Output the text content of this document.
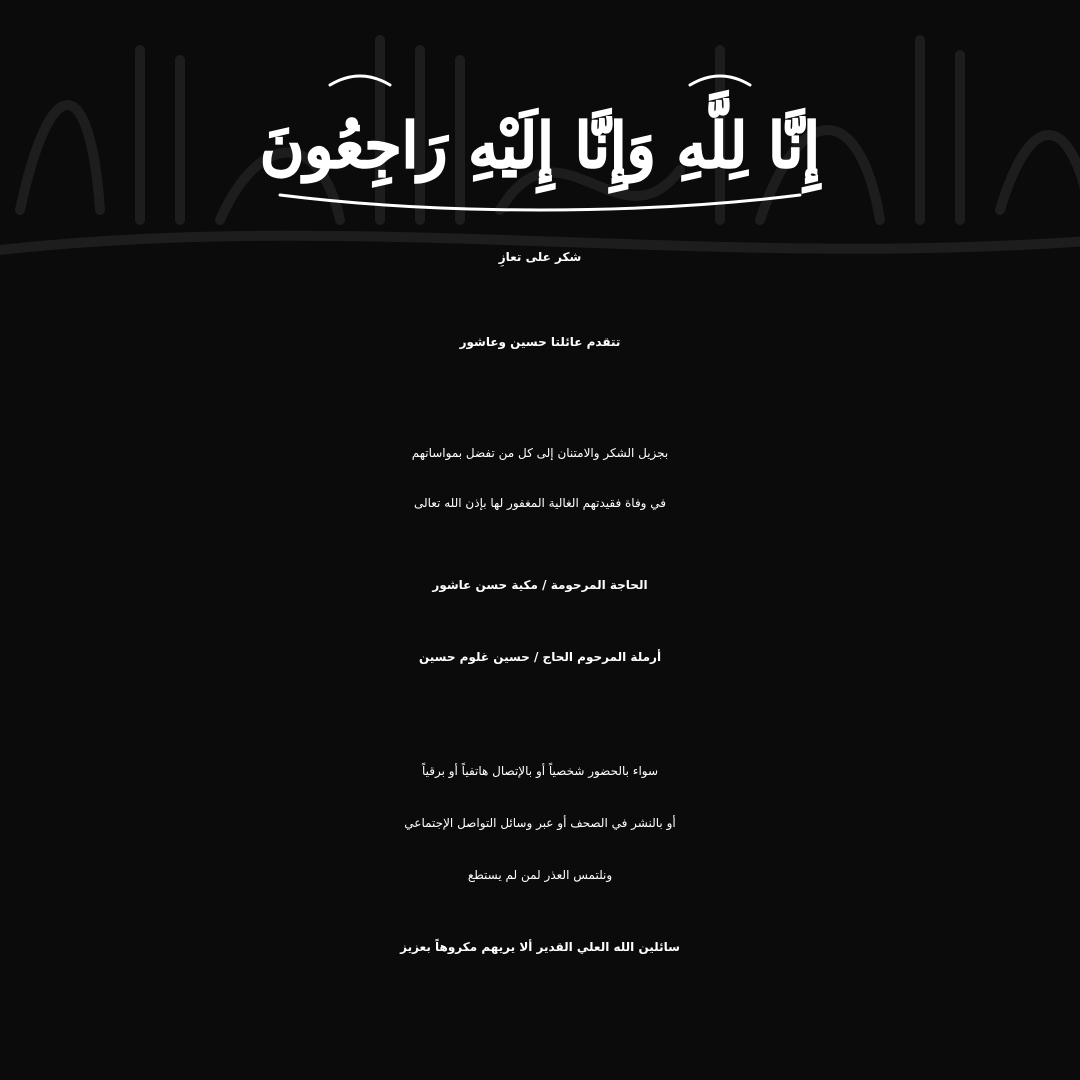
إِنَّا لِلَّهِ وَإِنَّا إِلَيْهِ رَاجِعُونَ
شكر على تعازِ
تتقدم عائلتا حسين وعاشور
بجزيل الشكر والامتنان إلى كل من تفضل بمواساتهم
في وفاة فقيدتهم الغالية المغفور لها بإذن الله تعالى
الحاجة المرحومة / مكية حسن عاشور
أرملة المرحوم الحاج / حسين غلوم حسين
سواء بالحضور شخصياً أو بالإتصال هاتفياً أو برقياً
أو بالنشر في الصحف أو عبر وسائل التواصل الإجتماعي
ونلتمس العذر لمن لم يستطع
سائلين الله العلي القدير ألا يريهم مكروهاً بعزيز
